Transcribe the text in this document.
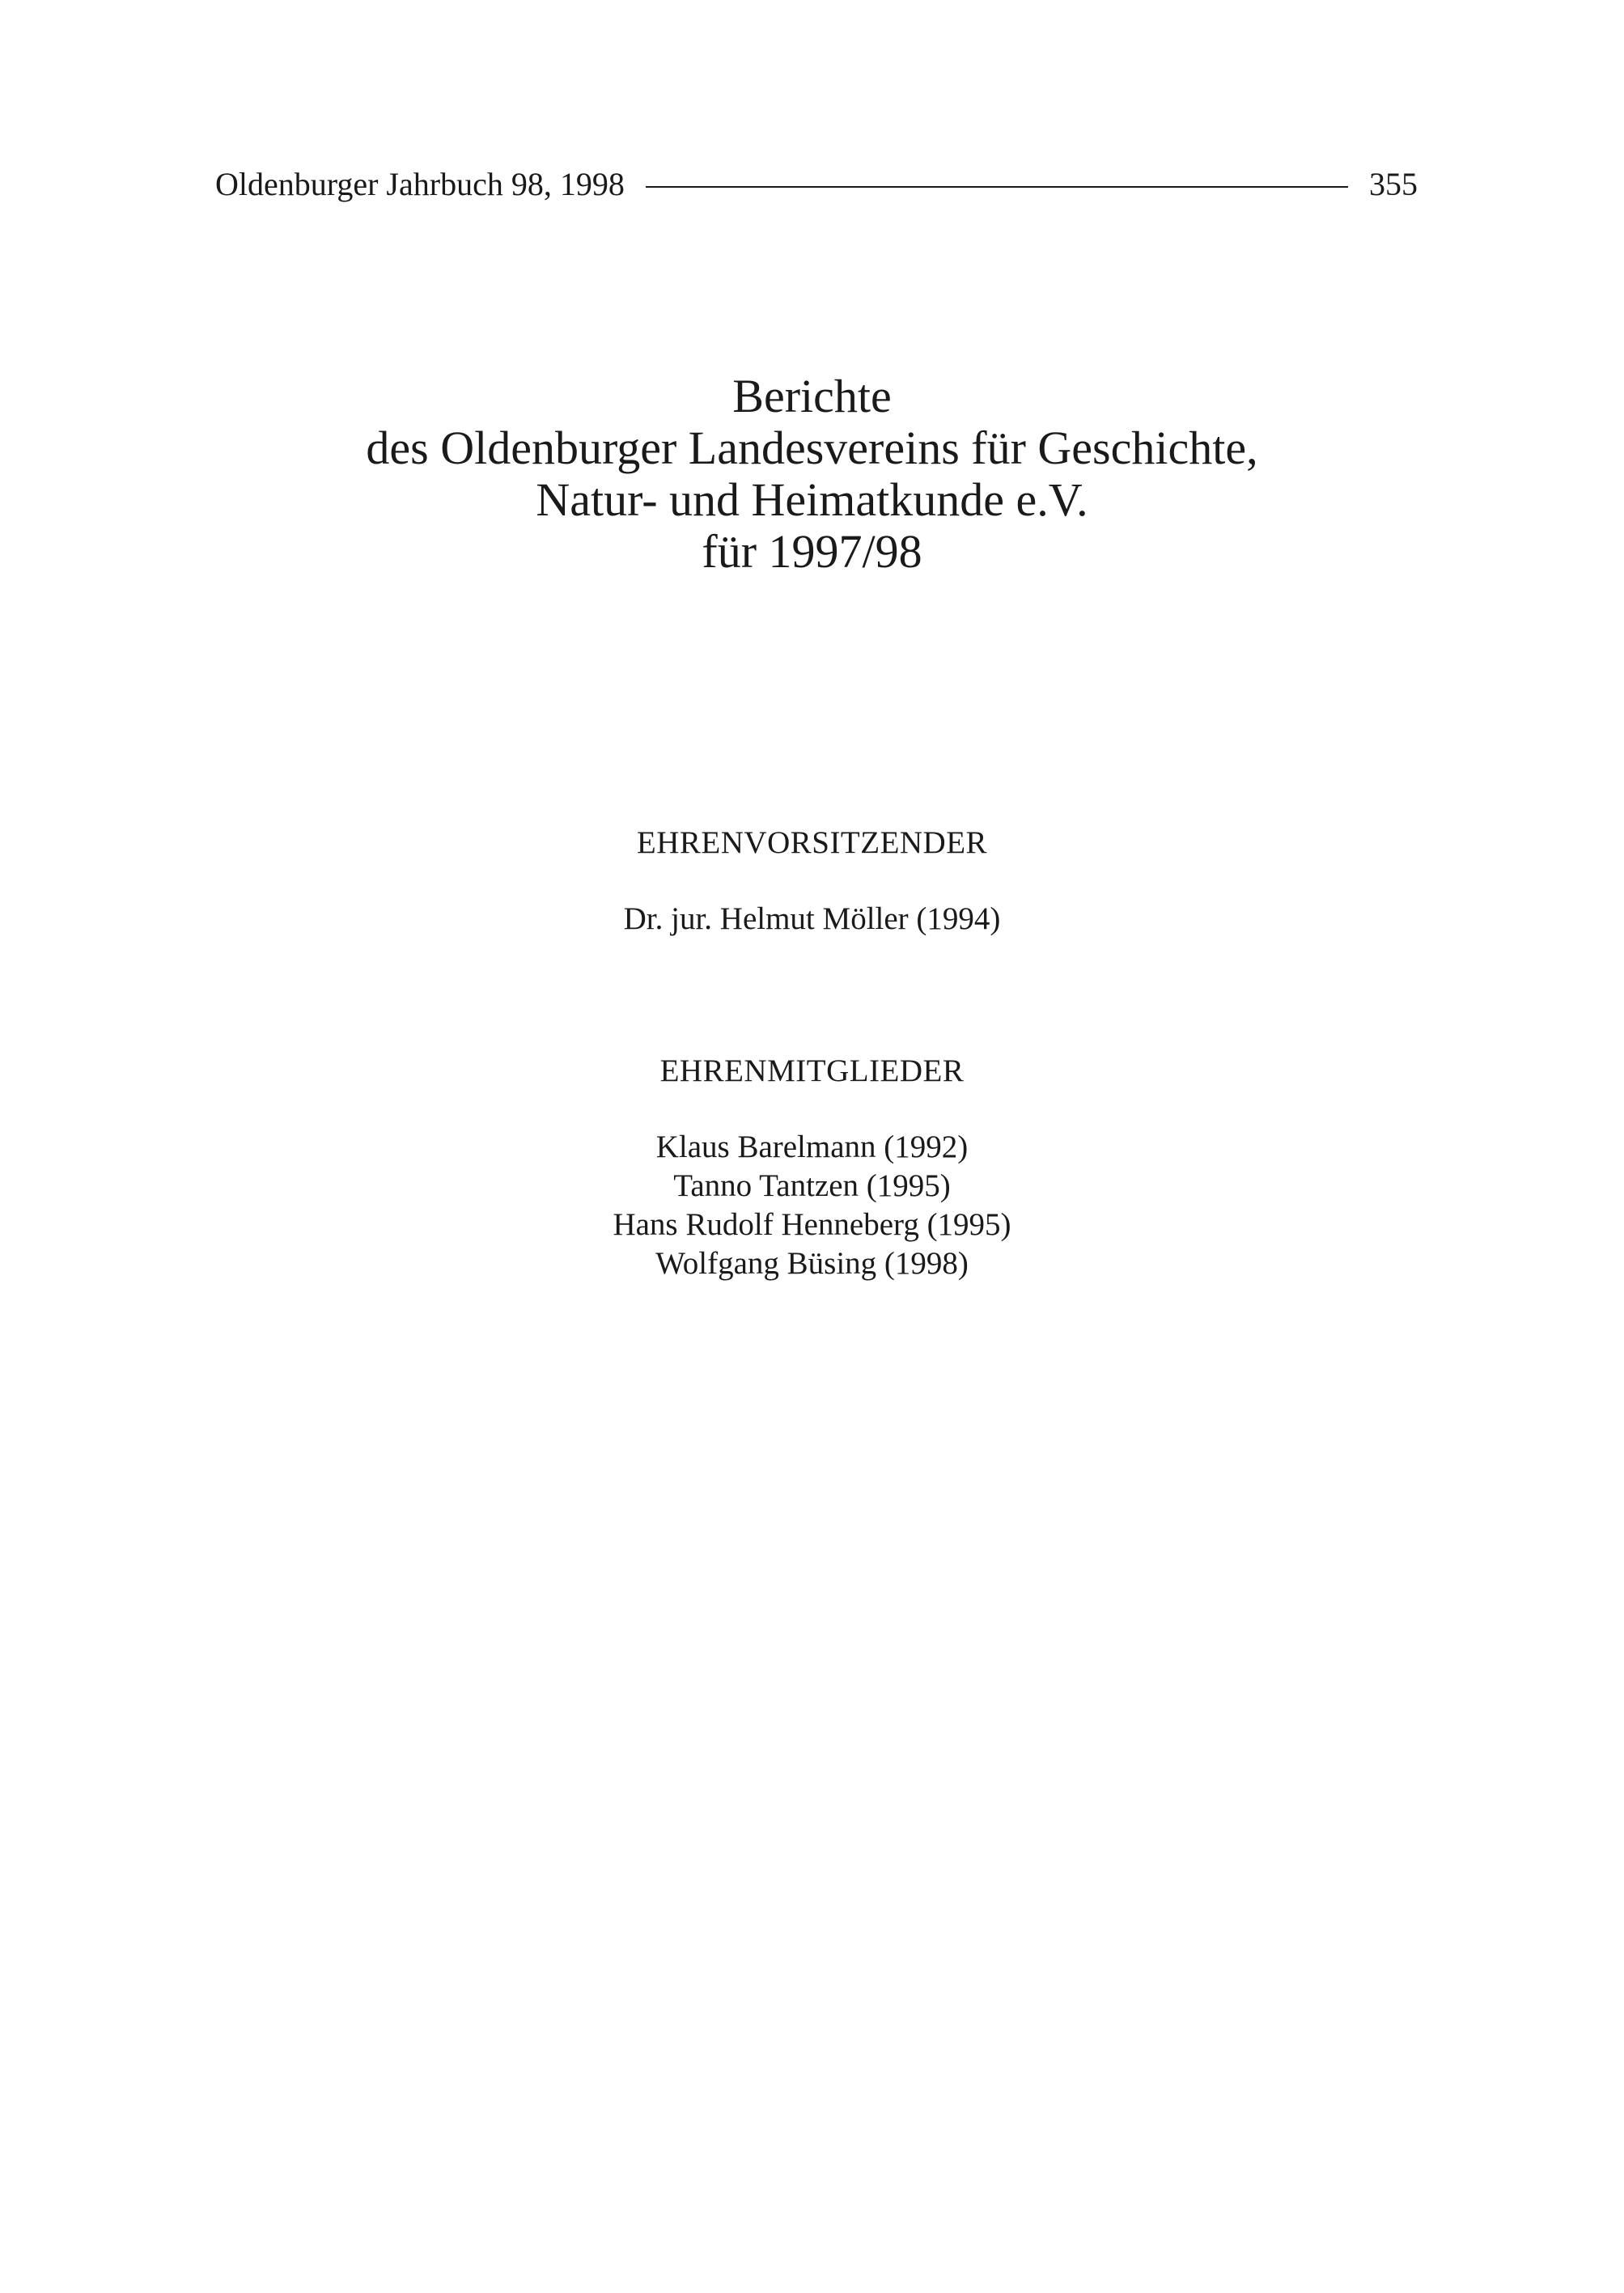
Oldenburger Jahrbuch 98, 1998	355
Berichte
des Oldenburger Landesvereins für Geschichte,
Natur- und Heimatkunde e.V.
für 1997/98
EHRENVORSITZENDER
Dr. jur. Helmut Möller (1994)
EHRENMITGLIEDER
Klaus Barelmann (1992)
Tanno Tantzen (1995)
Hans Rudolf Henneberg (1995)
Wolfgang Büsing (1998)
